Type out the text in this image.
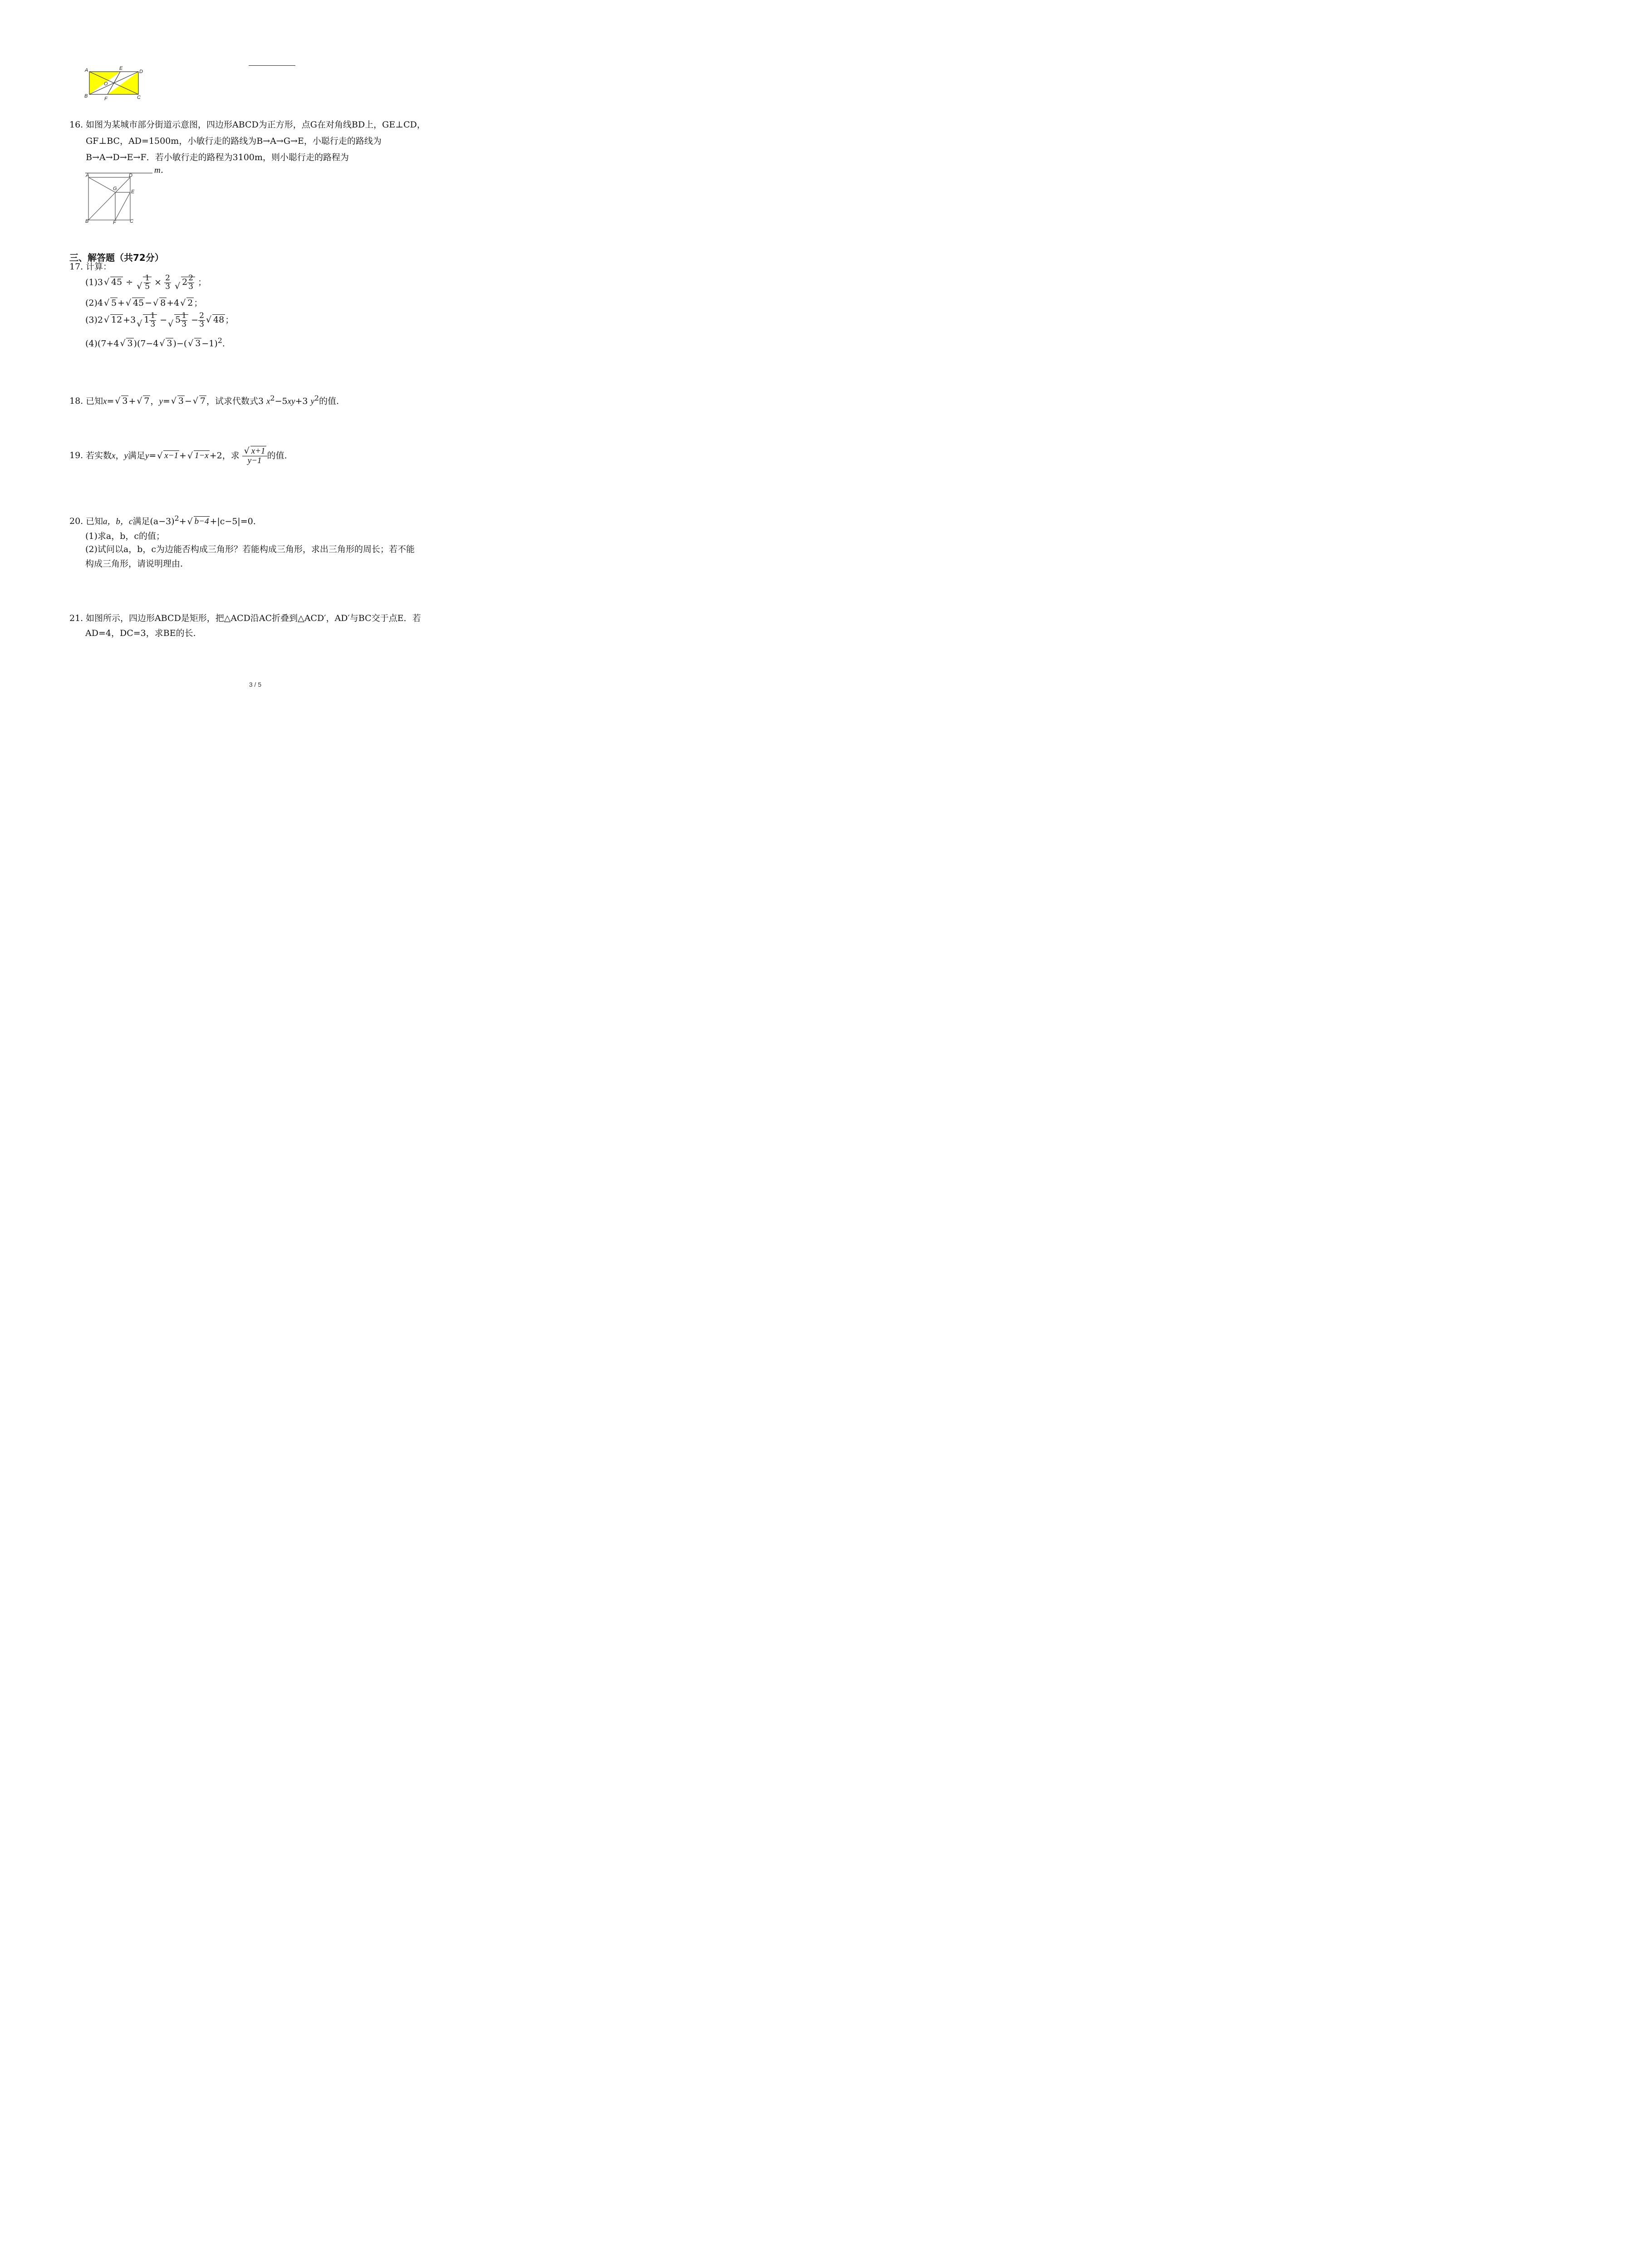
A	E
D
O
B	F	C
16. 如图为某城市部分街道示意图，四边形ABCD为正方形，点G在对角线BD上，GE⊥CD，
GF⊥BC，AD=1500m，小敏行走的路线为B→A→G→E，小聪行走的路线为
B→A→D→E→F．若小敏行走的路程为3100m，则小聪行走的路程为
m．
A	D
G
E
B	F	C
三、解答题（共72分）
17. 计算：
(1)3√ 45 ÷
√ $\frac{1}{5} \times \frac{2}{3}$
√ $2 \frac{2}{3}$ ；
(2)4√ 5 +√ 45 −√ 8 +4√ 2 ；
(3)2√ 12 +3√ $1 \frac{1}{3}$ −√ $5 \frac{1}{3} - \frac{2}{3}$
√ 48 ；
(4)(7+4√ 3 )(7−4√ 3 )−(√ 3 −1)$^2$.
18. 已知x=√ 3 +√ 7 ，y=√ 3 −√ 7 ，试求代数式3 $x^2-5xy+3$ $y^2$的值.
19. 若实数x，y满足y=√ x−1 +√ 1−x +2，求
√ $\frac{x+1}{y-1}$ 的值.
20. 已知a，b，c满足$(a-3)^2+√$ b−4 +|c−5|=0.
(1)求a，b，c的值；
(2)试问以a，b，c为边能否构成三角形？若能构成三角形，求出三角形的周长；若不能
构成三角形，请说明理由.
21. 如图所示，四边形ABCD是矩形，把△ACD沿AC折叠到△ACD′，AD′与BC交于点E．若
AD=4，DC=3，求BE的长.
3 / 5
